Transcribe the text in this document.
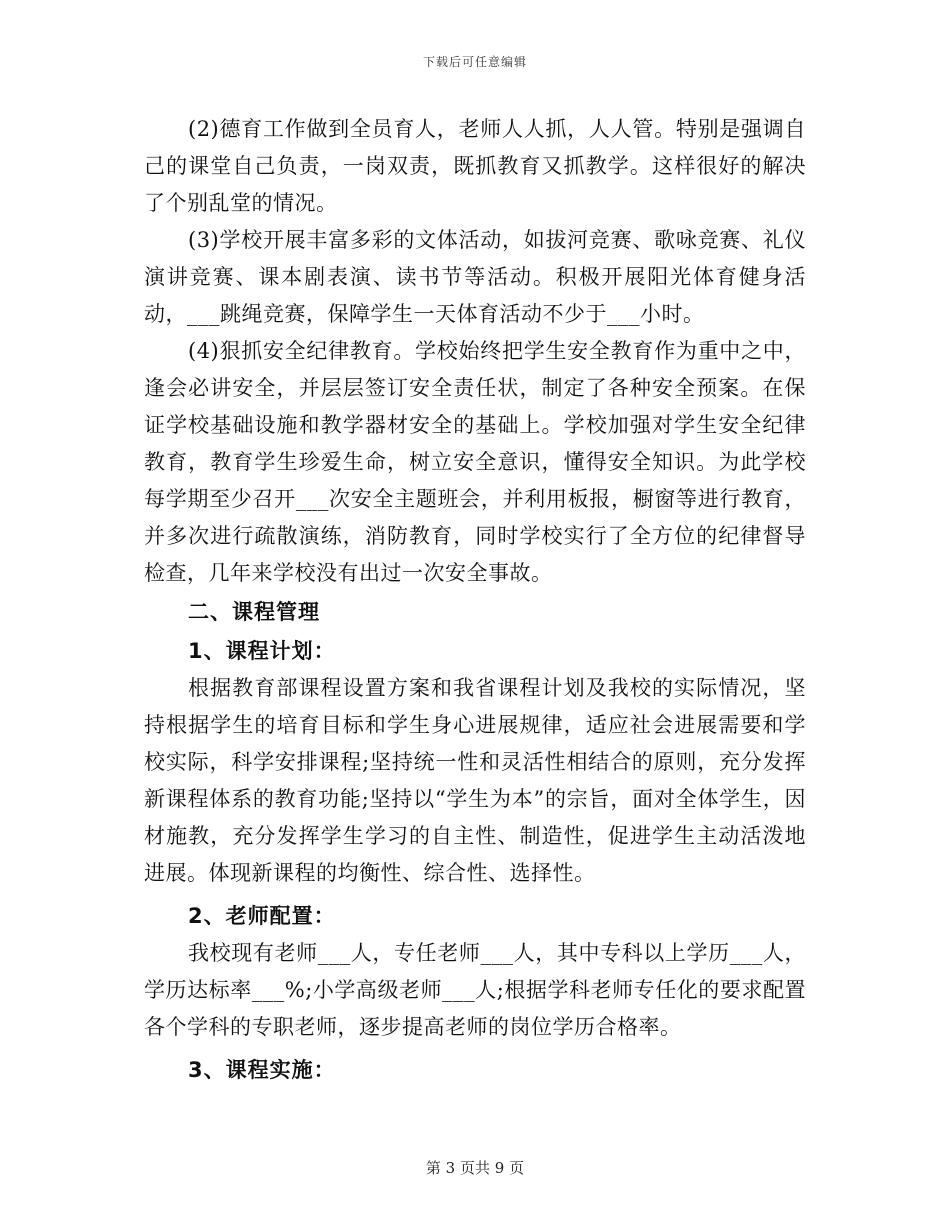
下载后可任意编辑

(2)德育工作做到全员育人，老师人人抓，人人管。特别是强调自己的课堂自己负责，一岗双责，既抓教育又抓教学。这样很好的解决了个别乱堂的情况。

(3)学校开展丰富多彩的文体活动，如拔河竞赛、歌咏竞赛、礼仪演讲竞赛、课本剧表演、读书节等活动。积极开展阳光体育健身活动，___跳绳竞赛，保障学生一天体育活动不少于___小时。

(4)狠抓安全纪律教育。学校始终把学生安全教育作为重中之中，逢会必讲安全，并层层签订安全责任状，制定了各种安全预案。在保证学校基础设施和教学器材安全的基础上。学校加强对学生安全纪律教育，教育学生珍爱生命，树立安全意识，懂得安全知识。为此学校每学期至少召开___次安全主题班会，并利用板报，橱窗等进行教育，并多次进行疏散演练，消防教育，同时学校实行了全方位的纪律督导检查，几年来学校没有出过一次安全事故。

二、课程管理

1、课程计划：

根据教育部课程设置方案和我省课程计划及我校的实际情况，坚持根据学生的培育目标和学生身心进展规律，适应社会进展需要和学校实际，科学安排课程;坚持统一性和灵活性相结合的原则，充分发挥新课程体系的教育功能;坚持以“学生为本”的宗旨，面对全体学生，因材施教，充分发挥学生学习的自主性、制造性，促进学生主动活泼地进展。体现新课程的均衡性、综合性、选择性。

2、老师配置：

我校现有老师___人，专任老师___人，其中专科以上学历___人，学历达标率___%;小学高级老师___人;根据学科老师专任化的要求配置各个学科的专职老师，逐步提高老师的岗位学历合格率。

3、课程实施：

第 3 页共 9 页
